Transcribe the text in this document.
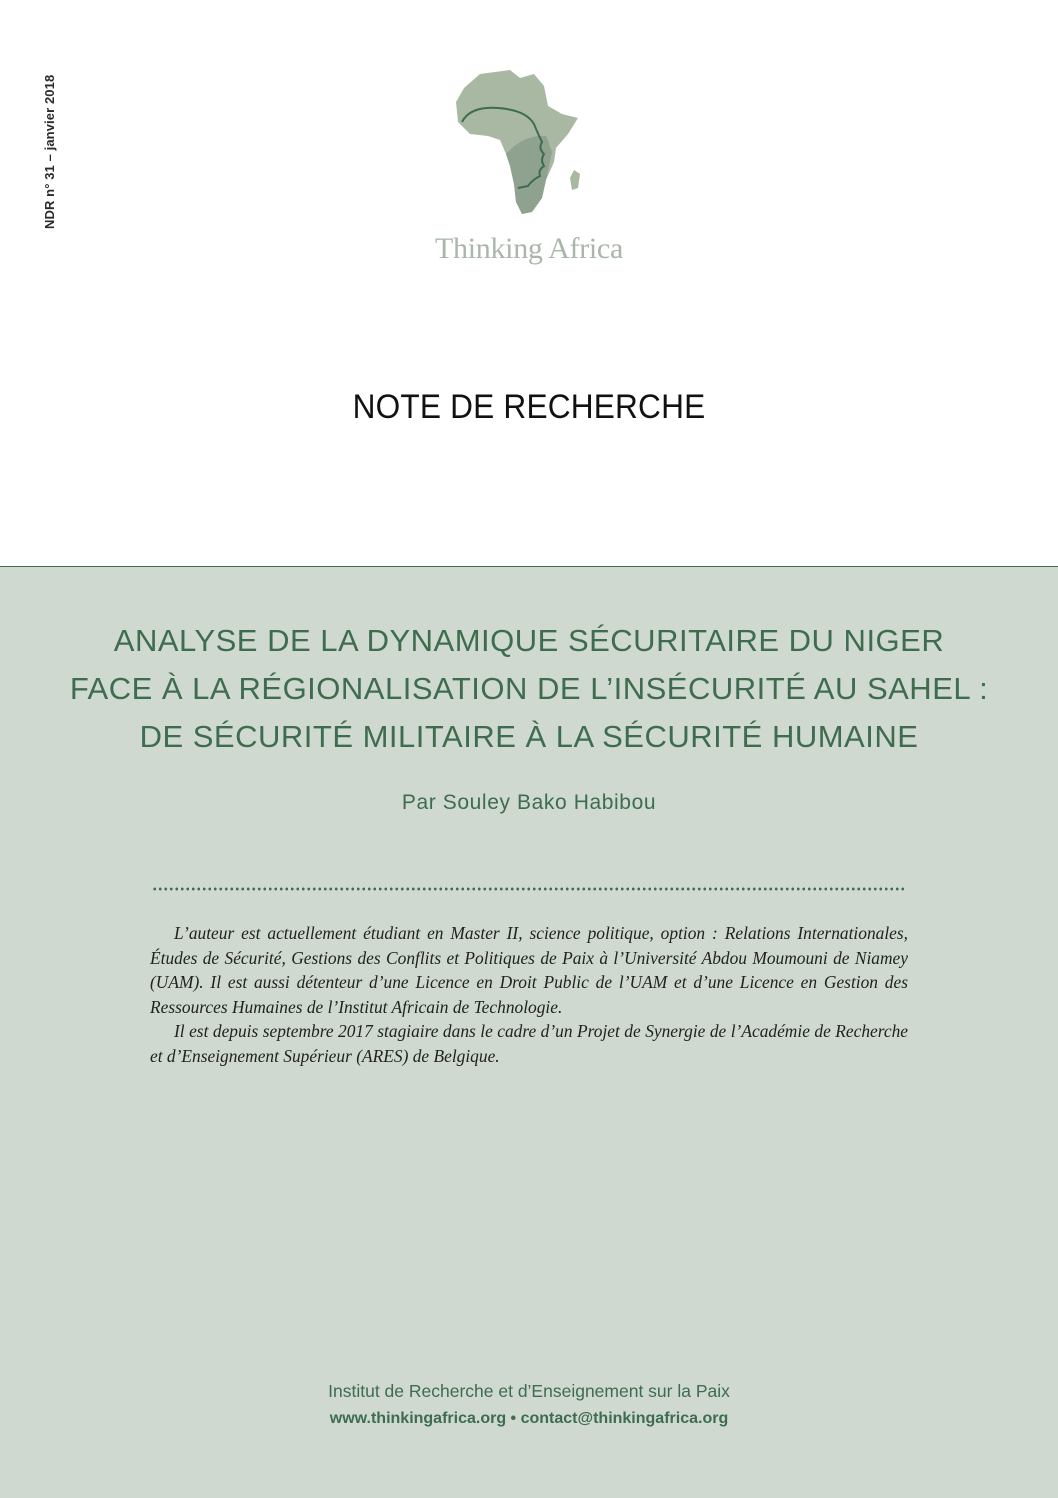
NDR n° 31 – janvier 2018
Thinking Africa
NOTE DE RECHERCHE
ANALYSE DE LA DYNAMIQUE SÉCURITAIRE DU NIGER
FACE À LA RÉGIONALISATION DE L’INSÉCURITÉ AU SAHEL :
DE SÉCURITÉ MILITAIRE À LA SÉCURITÉ HUMAINE
Par Souley Bako Habibou

L’auteur est actuellement étudiant en Master II, science politique, option : Relations Internationales, Études de Sécurité, Gestions des Conflits et Politiques de Paix à l’Université Abdou Moumouni de Niamey (UAM). Il est aussi détenteur d’une Licence en Droit Public de l’UAM et d’une Licence en Gestion des Ressources Humaines de l’Institut Africain de Technologie.

Il est depuis septembre 2017 stagiaire dans le cadre d’un Projet de Synergie de l’Académie de Recherche et d’Enseignement Supérieur (ARES) de Belgique.

Institut de Recherche et d’Enseignement sur la Paix
www.thinkingafrica.org • contact@thinkingafrica.org
